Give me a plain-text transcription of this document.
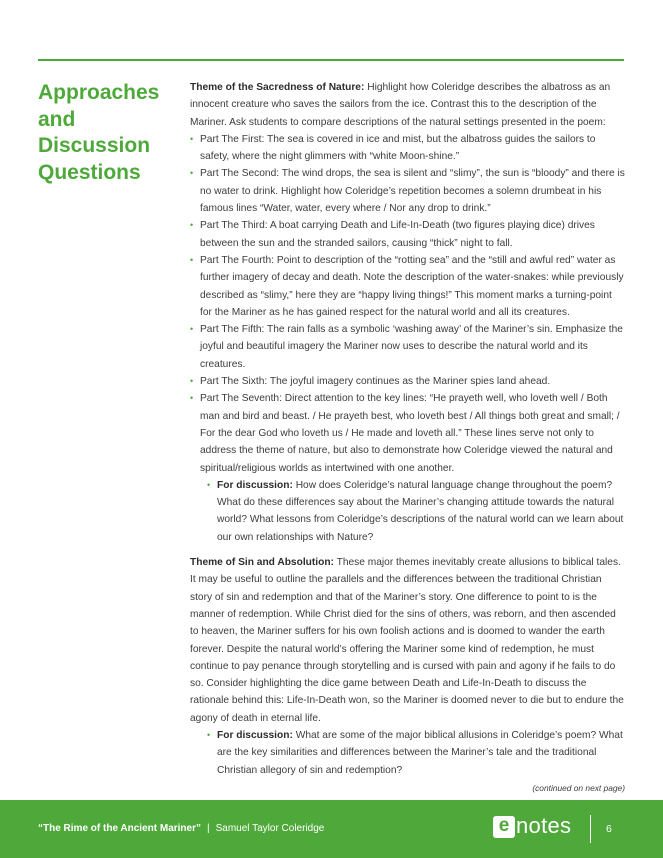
Approaches
and
Discussion
Questions

Theme of the Sacredness of Nature: Highlight how Coleridge describes the albatross as an innocent creature who saves the sailors from the ice. Contrast this to the description of the Mariner. Ask students to compare descriptions of the natural settings presented in the poem:

• Part The First: The sea is covered in ice and mist, but the albatross guides the sailors to safety, where the night glimmers with “white Moon-shine.”
• Part The Second: The wind drops, the sea is silent and “slimy”, the sun is “bloody” and there is no water to drink. Highlight how Coleridge’s repetition becomes a solemn drumbeat in his famous lines “Water, water, every where / Nor any drop to drink.”
• Part The Third: A boat carrying Death and Life-In-Death (two figures playing dice) drives between the sun and the stranded sailors, causing “thick” night to fall.
• Part The Fourth: Point to description of the “rotting sea” and the “still and awful red” water as further imagery of decay and death. Note the description of the water-snakes: while previously described as “slimy,” here they are “happy living things!” This moment marks a turning-point for the Mariner as he has gained respect for the natural world and all its creatures.
• Part The Fifth: The rain falls as a symbolic ‘washing away’ of the Mariner’s sin. Emphasize the joyful and beautiful imagery the Mariner now uses to describe the natural world and its creatures.
• Part The Sixth: The joyful imagery continues as the Mariner spies land ahead.
• Part The Seventh: Direct attention to the key lines: “He prayeth well, who loveth well / Both man and bird and beast. / He prayeth best, who loveth best / All things both great and small; / For the dear God who loveth us / He made and loveth all.” These lines serve not only to address the theme of nature, but also to demonstrate how Coleridge viewed the natural and spiritual/religious worlds as intertwined with one another.
• For discussion: How does Coleridge’s natural language change throughout the poem? What do these differences say about the Mariner’s changing attitude towards the natural world? What lessons from Coleridge’s descriptions of the natural world can we learn about our own relationships with Nature?

Theme of Sin and Absolution: These major themes inevitably create allusions to biblical tales. It may be useful to outline the parallels and the differences between the traditional Christian story of sin and redemption and that of the Mariner’s story. One difference to point to is the manner of redemption. While Christ died for the sins of others, was reborn, and then ascended to heaven, the Mariner suffers for his own foolish actions and is doomed to wander the earth forever. Despite the natural world’s offering the Mariner some kind of redemption, he must continue to pay penance through storytelling and is cursed with pain and agony if he fails to do so. Consider highlighting the dice game between Death and Life-In-Death to discuss the rationale behind this: Life-In-Death won, so the Mariner is doomed never to die but to endure the agony of death in eternal life.

• For discussion: What are some of the major biblical allusions in Coleridge’s poem? What are the key similarities and differences between the Mariner’s tale and the traditional Christian allegory of sin and redemption?
(continued on next page)
“The Rime of the Ancient Mariner” | Samuel Taylor Coleridge	e notes	6
